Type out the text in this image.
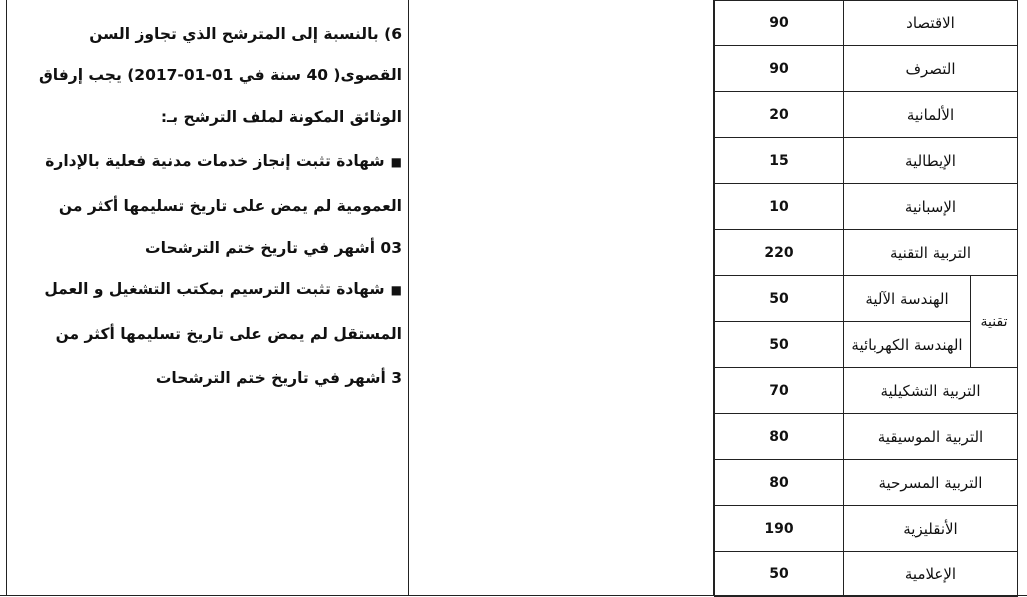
6) بالنسبة إلى المترشح الذي تجاوز السن
القصوى( 40 سنة في 01-01-2017) يجب إرفاق
الوثائق المكونة لملف الترشح بـ:
■شهادة تثبت إنجاز خدمات مدنية فعلية بالإدارة
العمومية لم يمض على تاريخ تسليمها أكثر من
03 أشهر في تاريخ ختم الترشحات
■شهادة تثبت الترسيم بمكتب التشغيل و العمل
المستقل لم يمض على تاريخ تسليمها أكثر من
3 أشهر في تاريخ ختم الترشحات
90	الاقتصاد	
90	التصرف	
20	الألمانية	
15	الإيطالية	
10	الإسبانية	
220	التربية التقنية	
50	الهندسة الآلية	تقنية
50	الهندسة الكهربائية	
70	التربية التشكيلية	
80	التربية الموسيقية	
80	التربية المسرحية	
190	الأنقليزية	
50	الإعلامية	
